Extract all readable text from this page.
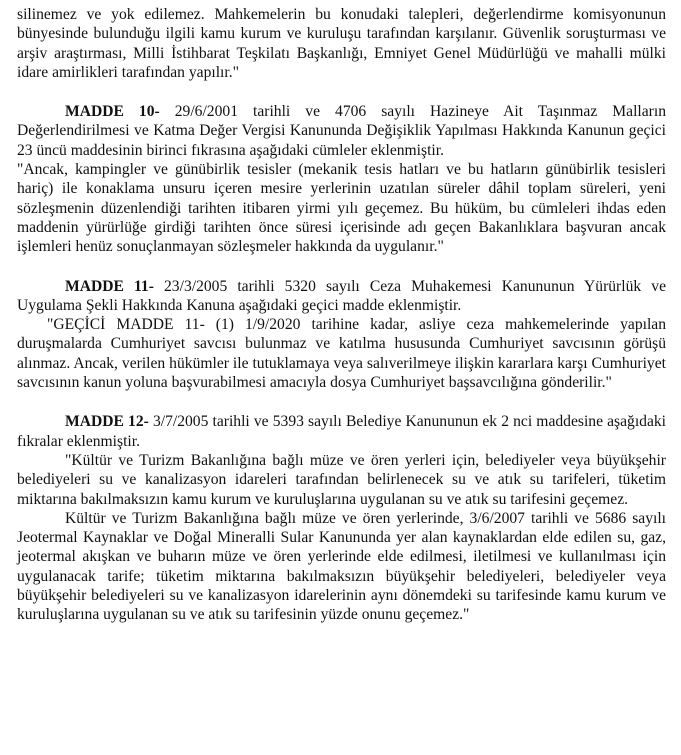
silinemez ve yok edilemez. Mahkemelerin bu konudaki talepleri, değerlendirme komisyonunun bünyesinde bulunduğu ilgili kamu kurum ve kuruluşu tarafından karşılanır. Güvenlik soruşturması ve arşiv araştırması, Milli İstihbarat Teşkilatı Başkanlığı, Emniyet Genel Müdürlüğü ve mahalli mülki idare amirlikleri tarafından yapılır."

MADDE 10- 29/6/2001 tarihli ve 4706 sayılı Hazineye Ait Taşınmaz Malların Değerlendirilmesi ve Katma Değer Vergisi Kanununda Değişiklik Yapılması Hakkında Kanunun geçici 23 üncü maddesinin birinci fıkrasına aşağıdaki cümleler eklenmiştir.

"Ancak, kampingler ve günübirlik tesisler (mekanik tesis hatları ve bu hatların günübirlik tesisleri hariç) ile konaklama unsuru içeren mesire yerlerinin uzatılan süreler dâhil toplam süreleri, yeni sözleşmenin düzenlendiği tarihten itibaren yirmi yılı geçemez. Bu hüküm, bu cümleleri ihdas eden maddenin yürürlüğe girdiği tarihten önce süresi içerisinde adı geçen Bakanlıklara başvuran ancak işlemleri henüz sonuçlanmayan sözleşmeler hakkında da uygulanır."

MADDE 11- 23/3/2005 tarihli 5320 sayılı Ceza Muhakemesi Kanununun Yürürlük ve Uygulama Şekli Hakkında Kanuna aşağıdaki geçici madde eklenmiştir.

"GEÇİCİ MADDE 11- (1) 1/9/2020 tarihine kadar, asliye ceza mahkemelerinde yapılan duruşmalarda Cumhuriyet savcısı bulunmaz ve katılma hususunda Cumhuriyet savcısının görüşü alınmaz. Ancak, verilen hükümler ile tutuklamaya veya salıverilmeye ilişkin kararlara karşı Cumhuriyet savcısının kanun yoluna başvurabilmesi amacıyla dosya Cumhuriyet başsavcılığına gönderilir."

MADDE 12- 3/7/2005 tarihli ve 5393 sayılı Belediye Kanununun ek 2 nci maddesine aşağıdaki fıkralar eklenmiştir.

"Kültür ve Turizm Bakanlığına bağlı müze ve ören yerleri için, belediyeler veya büyükşehir belediyeleri su ve kanalizasyon idareleri tarafından belirlenecek su ve atık su tarifeleri, tüketim miktarına bakılmaksızın kamu kurum ve kuruluşlarına uygulanan su ve atık su tarifesini geçemez.

Kültür ve Turizm Bakanlığına bağlı müze ve ören yerlerinde, 3/6/2007 tarihli ve 5686 sayılı Jeotermal Kaynaklar ve Doğal Mineralli Sular Kanununda yer alan kaynaklardan elde edilen su, gaz, jeotermal akışkan ve buharın müze ve ören yerlerinde elde edilmesi, iletilmesi ve kullanılması için uygulanacak tarife; tüketim miktarına bakılmaksızın büyükşehir belediyeleri, belediyeler veya büyükşehir belediyeleri su ve kanalizasyon idarelerinin aynı dönemdeki su tarifesinde kamu kurum ve kuruluşlarına uygulanan su ve atık su tarifesinin yüzde onunu geçemez."
